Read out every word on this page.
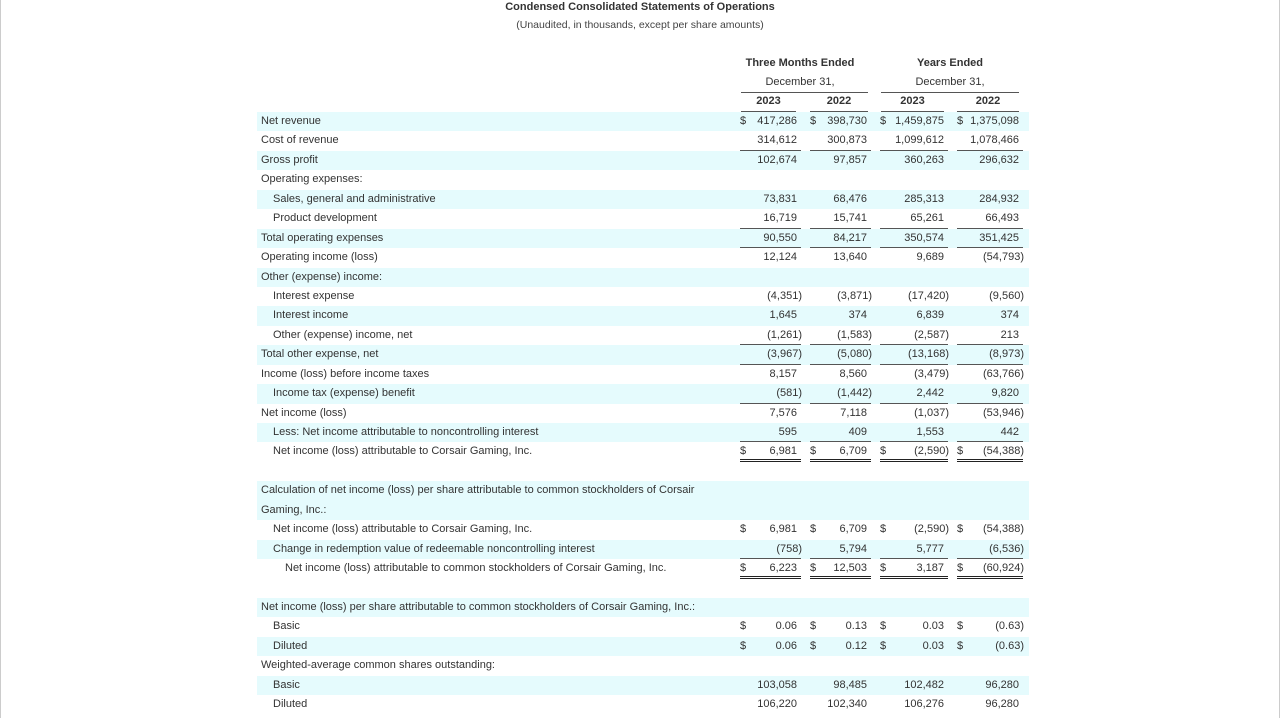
Condensed Consolidated Statements of Operations
(Unaudited, in thousands, except per share amounts)
Three Months Ended
December 31,
Years Ended
December 31,
2023	2022	2023	2022
Net revenue	$ 417,286 $ 398,730 $ 1,459,875 $ 1,375,098
Cost of revenue	314,612	300,873	1,099,612 1,078,466
Gross profit	102,674	97,857	360,263	296,632
Operating expenses:
Sales, general and administrative	73,831	68,476	285,313	284,932
Product development	16,719	15,741	65,261	66,493
Total operating expenses	90,550	84,217	350,574	351,425
Operating income (loss)	12,124	13,640	9,689	(54,793)
Other (expense) income:
Interest expense	(4,351)	(3,871)	(17,420)	(9,560)
Interest income	1,645	374	6,839	374
Other (expense) income, net	(1,261)	(1,583)	(2,587)	213
Total other expense, net	(3,967)	(5,080)	(13,168)	(8,973)
Income (loss) before income taxes	8,157	8,560	(3,479)	(63,766)
Income tax (expense) benefit	(581)	(1,442)	2,442	9,820
Net income (loss)	7,576	7,118	(1,037)	(53,946)
Less: Net income attributable to noncontrolling interest	595	409	1,553	442
Net income (loss) attributable to Corsair Gaming, Inc.	$ 6,981 $ 6,709 $	(2,590) $ (54,388)
Calculation of net income (loss) per share attributable to common stockholders of Corsair Gaming, Inc.:
Net income (loss) attributable to Corsair Gaming, Inc.	$ 6,981 $ 6,709 $	(2,590) $ (54,388)
Change in redemption value of redeemable noncontrolling interest	(758)	5,794	5,777	(6,536)
Net income (loss) attributable to common stockholders of Corsair Gaming, Inc.	$ 6,223 $ 12,503 $	3,187 $ (60,924)
Net income (loss) per share attributable to common stockholders of Corsair Gaming, Inc.:
Basic	$	0.06 $	0.13 $	0.03 $	(0.63)
Diluted	$	0.06 $	0.12 $	0.03 $	(0.63)
Weighted-average common shares outstanding:
Basic	103,058	98,485	102,482	96,280
Diluted	106,220	102,340	106,276	96,280
